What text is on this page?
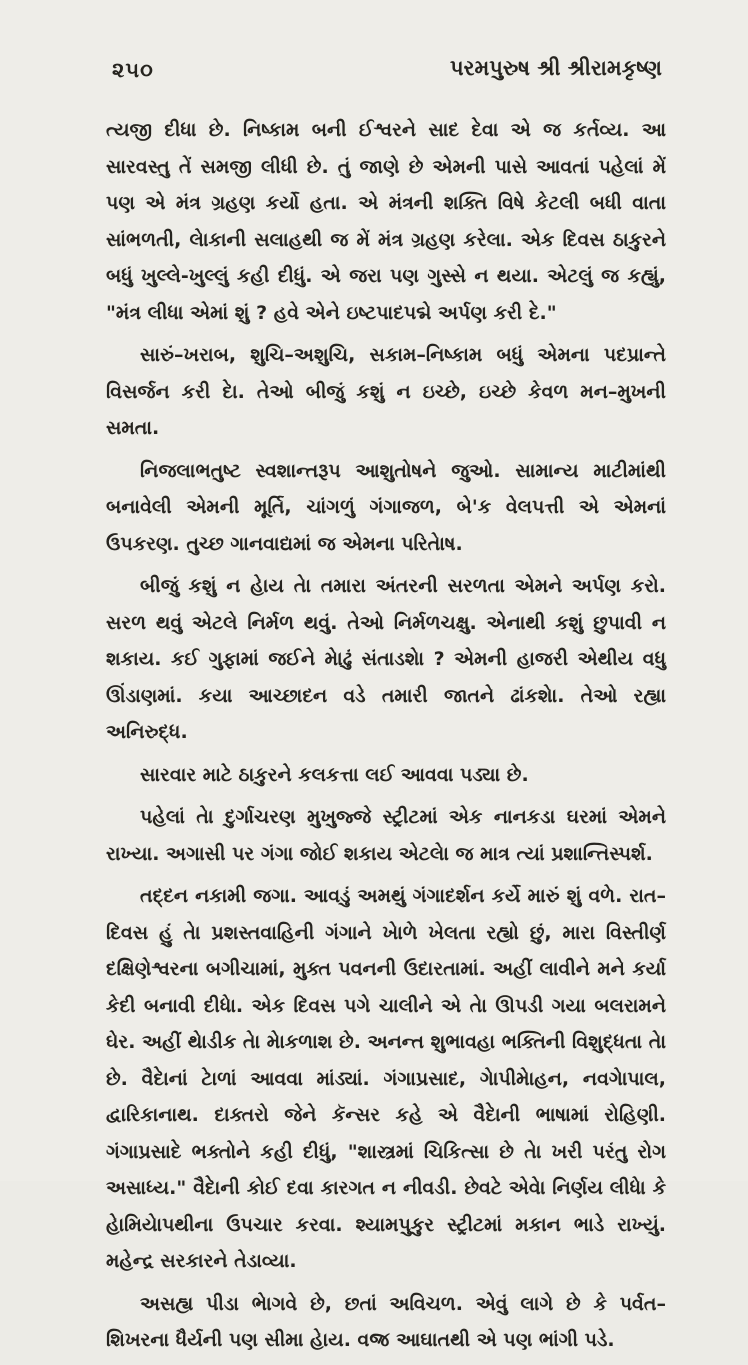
૨૫૦	પરમપુરુષ શ્રી શ્રીરામકૃષ્ણ

ત્યજી દીધા છે. નિષ્કામ બની ઈશ્વરને સાદ દેવા એ જ કર્તવ્ય. આ સારવસ્તુ તેં સમજી લીધી છે. તું જાણે છે એમની પાસે આવતાં પહેલાં મેં પણ એ મંત્ર ગ્રહણ કર્યો હતા. એ મંત્રની શક્તિ વિષે કેટલી બધી વાતા સાંભળતી, લેાકાની સલાહથી જ મેં મંત્ર ગ્રહણ કરેલા. એક દિવસ ઠાકુરને બધું ખુલ્લે-ખુલ્લું કહી દીધું. એ જરા પણ ગુસ્સે ન થયા. એટલું જ કહ્યું, "મંત્ર લીધા એમાં શું ? હવે એને ઇષ્ટપાદપદ્મે અર્પણ કરી દે."

સારું–ખરાબ, શુચિ–અશુચિ, સકામ–નિષ્કામ બધું એમના પદપ્રાન્તે વિસર્જન કરી દેા. તેઓ બીજું કશું ન ઇચ્છે, ઇચ્છે કેવળ મન–મુખની સમતા.

નિજલાભતુષ્ટ સ્વશાન્તરૂપ આશુતોષને જુઓ. સામાન્ય માટીમાંથી બનાવેલી એમની મૂર્તિ, ચાંગળું ગંગાજળ, બે'ક વેલપત્તી એ એમનાં ઉપકરણ. તુચ્છ ગાનવાદ્યમાં જ એમના પરિતેાષ.

બીજું કશું ન હેાય તેા તમારા અંતરની સરળતા એમને અર્પણ કરો. સરળ થવું એટલે નિર્મળ થવું. તેઓ નિર્મળચક્ષુ. એનાથી કશું છુપાવી ન શકાય. કઈ ગુફામાં જઈને મેાઢું સંતાડશેા ? એમની હાજરી એથીય વધુ ઊંડાણમાં. કયા આચ્છાદન વડે તમારી જાતને ઢાંકશેા. તેઓ રહ્યા અનિરુદ્ધ.

સારવાર માટે ઠાકુરને કલકત્તા લઈ આવવા પડ્યા છે.

પહેલાં તેા દુર્ગાચરણ મુખુજ્જે સ્ટ્રીટમાં એક નાનકડા ઘરમાં એમને રાખ્યા. અગાસી પર ગંગા જોઈ શકાય એટલેા જ માત્ર ત્યાં પ્રશાન્તિસ્પર્શ.

તદ્દન નકામી જગા. આવડું અમથું ગંગાદર્શન કર્યે મારું શું વળે. રાત–દિવસ હું તેા પ્રશસ્તવાહિની ગંગાને ખેાળે ખેલતા રહ્યો છું, મારા વિસ્તીર્ણ દક્ષિણેશ્વરના બગીચામાં, મુક્ત પવનની ઉદારતામાં. અહીં લાવીને મને કર્યા કેદી બનાવી દીધેા. એક દિવસ પગે ચાલીને એ તેા ઊપડી ગયા બલરામને ઘેર. અહીં થેાડીક તેા મેાકળાશ છે. અનન્ત શુભાવહા ભક્તિની વિશુદ્ધતા તેા છે. વૈદેાનાં ટેાળાં આવવા માંડ્યાં. ગંગાપ્રસાદ, ગેાપીમેાહન, નવગેાપાલ, દ્વારિકાનાથ. દાક્તરો જેને કૅન્સર કહે એ વૈદેાની ભાષામાં રોહિણી. ગંગાપ્રસાદે ભક્તોને કહી દીધું, "શાસ્ત્રમાં ચિકિત્સા છે તેા ખરી પરંતુ રોગ અસાધ્ય." વૈદેાની કોઈ દવા કારગત ન નીવડી. છેવટે એવેા નિર્ણય લીધેા કે હેામિયેાપથીના ઉપચાર કરવા. શ્યામપુકુર સ્ટ્રીટમાં મકાન ભાડે રાખ્યું. મહેન્દ્ર સરકારને તેડાવ્યા.

અસહ્ય પીડા ભેાગવે છે, છતાં અવિચળ. એવું લાગે છે કે પર્વત–શિખરના ધૈર્યની પણ સીમા હેાય. વજ્ર આઘાતથી એ પણ ભાંગી પડે.
